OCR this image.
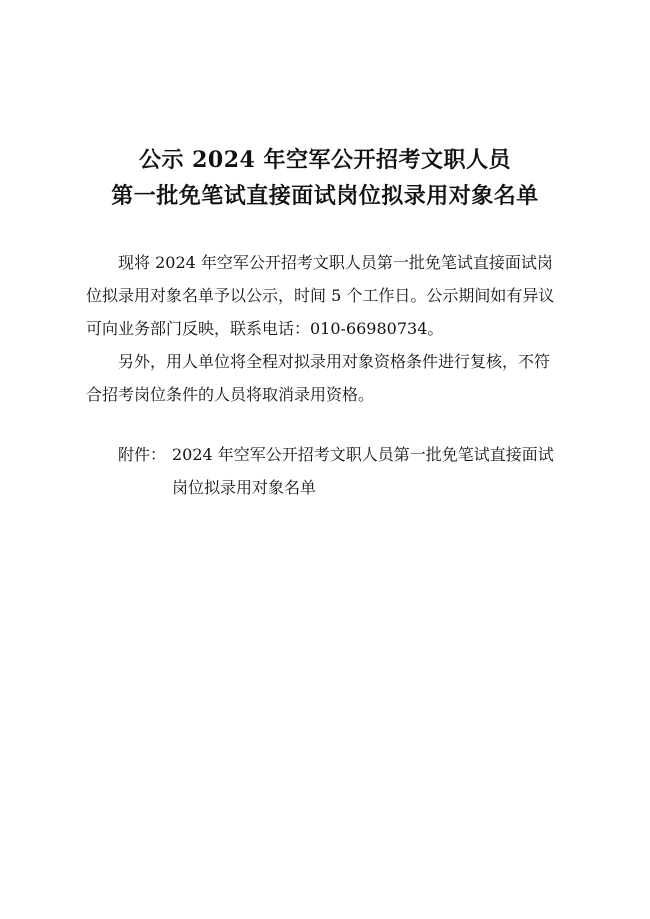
公示 2024 年空军公开招考文职人员
第一批免笔试直接面试岗位拟录用对象名单
现将 2024 年空军公开招考文职人员第一批免笔试直接面试岗
位拟录用对象名单予以公示，时间 5 个工作日。公示期间如有异议
可向业务部门反映，联系电话：010-66980734。
另外，用人单位将全程对拟录用对象资格条件进行复核，不符
合招考岗位条件的人员将取消录用资格。
附件： 2024 年空军公开招考文职人员第一批免笔试直接面试
岗位拟录用对象名单
